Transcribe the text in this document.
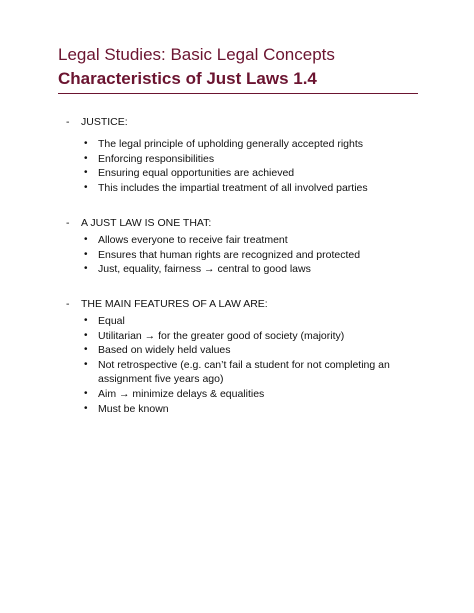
Legal Studies: Basic Legal Concepts
Characteristics of Just Laws 1.4
- JUSTICE:
• The legal principle of upholding generally accepted rights
• Enforcing responsibilities
• Ensuring equal opportunities are achieved
• This includes the impartial treatment of all involved parties
- A JUST LAW IS ONE THAT:
• Allows everyone to receive fair treatment
• Ensures that human rights are recognized and protected
• Just, equality, fairness → central to good laws
- THE MAIN FEATURES OF A LAW ARE:
• Equal
• Utilitarian → for the greater good of society (majority)
• Based on widely held values
• Not retrospective (e.g. can’t fail a student for not completing an assignment five years ago)
• Aim → minimize delays & equalities
• Must be known
